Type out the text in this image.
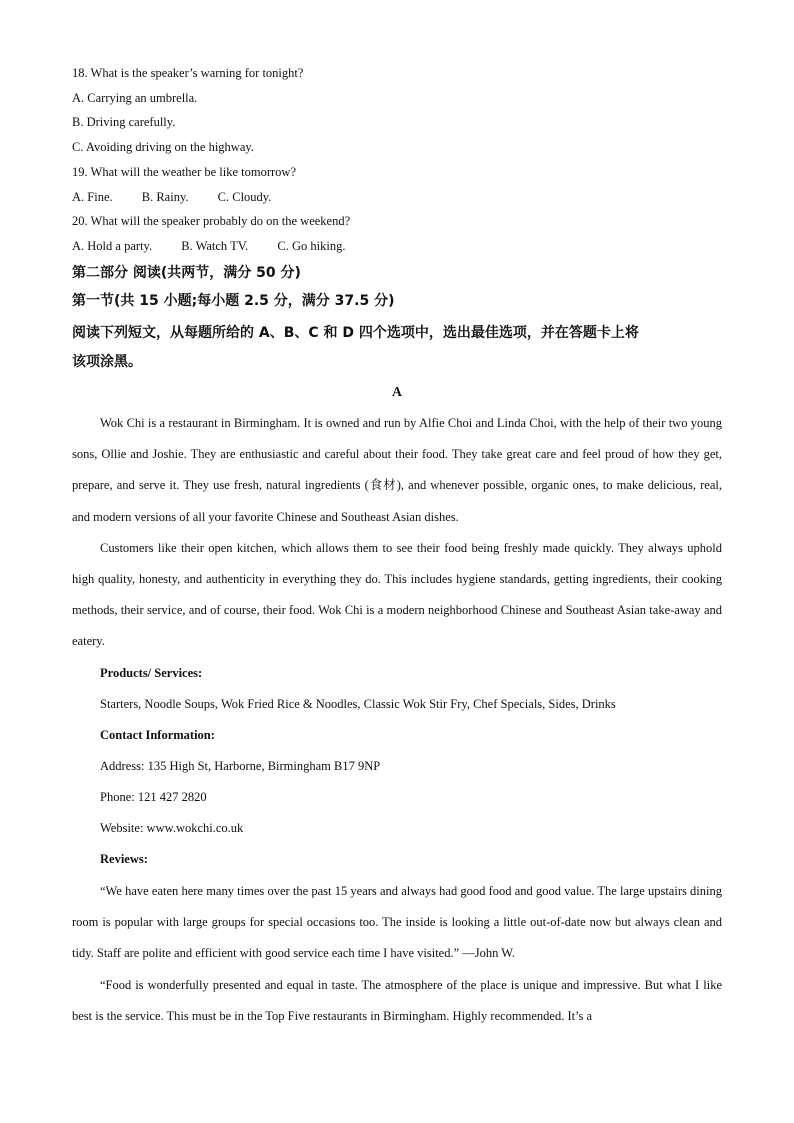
18. What is the speaker’s warning for tonight?
A. Carrying an umbrella.
B. Driving carefully.
C. Avoiding driving on the highway.
19. What will the weather be like tomorrow?
A. Fine. B. Rainy. C. Cloudy.
20. What will the speaker probably do on the weekend?
A. Hold a party. B. Watch TV. C. Go hiking.
第二部分 阅读(共两节，满分 50 分)
第一节(共 15 小题;每小题 2.5 分，满分 37.5 分)
阅读下列短文，从每题所给的 A、B、C 和 D 四个选项中，选出最佳选项，并在答题卡上将
该项涂黑。
A

Wok Chi is a restaurant in Birmingham. It is owned and run by Alfie Choi and Linda Choi, with the help of their two young sons, Ollie and Joshie. They are enthusiastic and careful about their food. They take great care and feel proud of how they get, prepare, and serve it. They use fresh, natural ingredients (食材), and whenever possible, organic ones, to make delicious, real, and modern versions of all your favorite Chinese and Southeast Asian dishes.

Customers like their open kitchen, which allows them to see their food being freshly made quickly. They always uphold high quality, honesty, and authenticity in everything they do. This includes hygiene standards, getting ingredients, their cooking methods, their service, and of course, their food. Wok Chi is a modern neighborhood Chinese and Southeast Asian take-away and eatery.

Products/ Services:
Starters, Noodle Soups, Wok Fried Rice & Noodles, Classic Wok Stir Fry, Chef Specials, Sides, Drinks
Contact Information:
Address: 135 High St, Harborne, Birmingham B17 9NP
Phone: 121 427 2820
Website: www.wokchi.co.uk
Reviews:

“We have eaten here many times over the past 15 years and always had good food and good value. The large upstairs dining room is popular with large groups for special occasions too. The inside is looking a little out-of-date now but always clean and tidy. Staff are polite and efficient with good service each time I have visited.” —John W.

“Food is wonderfully presented and equal in taste. The atmosphere of the place is unique and impressive. But what I like best is the service. This must be in the Top Five restaurants in Birmingham. Highly recommended. It’s a
